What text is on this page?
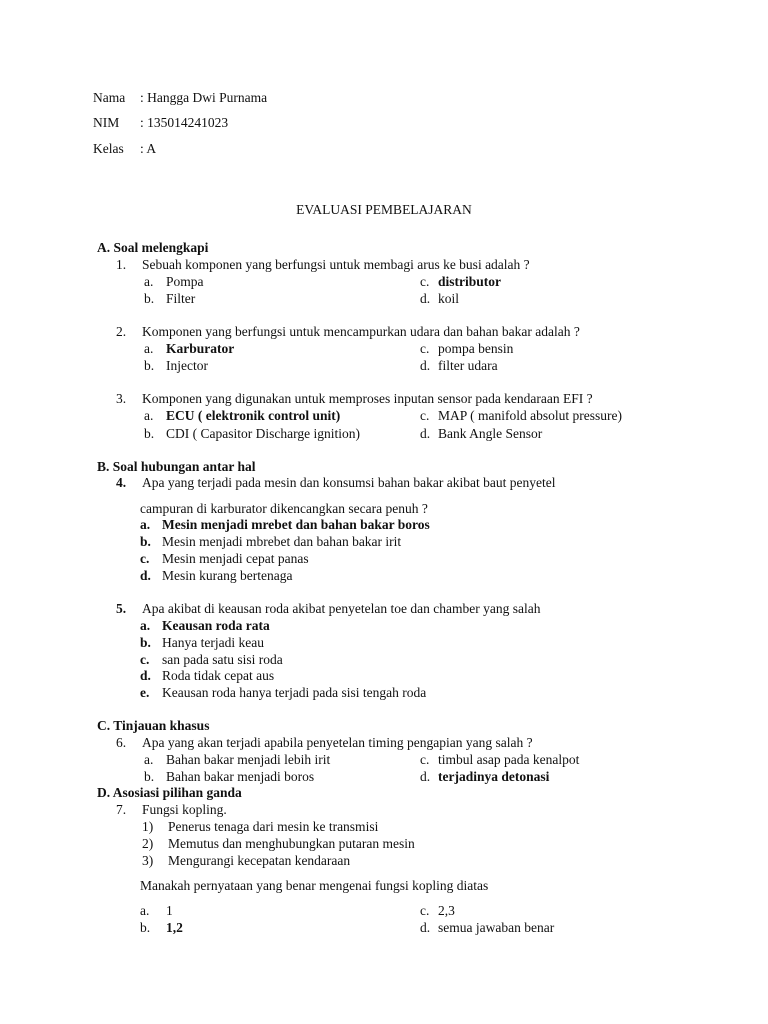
Nama : Hangga Dwi Purnama
NIM : 135014241023
Kelas : A
EVALUASI PEMBELAJARAN
A. Soal melengkapi
1. Sebuah komponen yang berfungsi untuk membagi arus ke busi adalah ?
a. Pompa	c. distributor
b. Filter	d. koil
2. Komponen yang berfungsi untuk mencampurkan udara dan bahan bakar adalah ?
a. Karburator	c. pompa bensin
b. Injector	d. filter udara
3. Komponen yang digunakan untuk memproses inputan sensor pada kendaraan EFI ?
a. ECU ( elektronik control unit)	c. MAP ( manifold absolut pressure)
b. CDI ( Capasitor Discharge ignition)	d. Bank Angle Sensor
B. Soal hubungan antar hal
4. Apa yang terjadi pada mesin dan konsumsi bahan bakar akibat baut penyetel
campuran di karburator dikencangkan secara penuh ?
a. Mesin menjadi mrebet dan bahan bakar boros
b. Mesin menjadi mbrebet dan bahan bakar irit
c. Mesin menjadi cepat panas
d. Mesin kurang bertenaga
5. Apa akibat di keausan roda akibat penyetelan toe dan chamber yang salah
a. Keausan roda rata
b. Hanya terjadi keau
c. san pada satu sisi roda
d. Roda tidak cepat aus
e. Keausan roda hanya terjadi pada sisi tengah roda
C. Tinjauan khasus
6. Apa yang akan terjadi apabila penyetelan timing pengapian yang salah ?
a. Bahan bakar menjadi lebih irit	c. timbul asap pada kenalpot
b. Bahan bakar menjadi boros	d. terjadinya detonasi
D. Asosiasi pilihan ganda
7. Fungsi kopling.
1) Penerus tenaga dari mesin ke transmisi
2) Memutus dan menghubungkan putaran mesin
3) Mengurangi kecepatan kendaraan
Manakah pernyataan yang benar mengenai fungsi kopling diatas
a. 1	c. 2,3
b. 1,2	d. semua jawaban benar
